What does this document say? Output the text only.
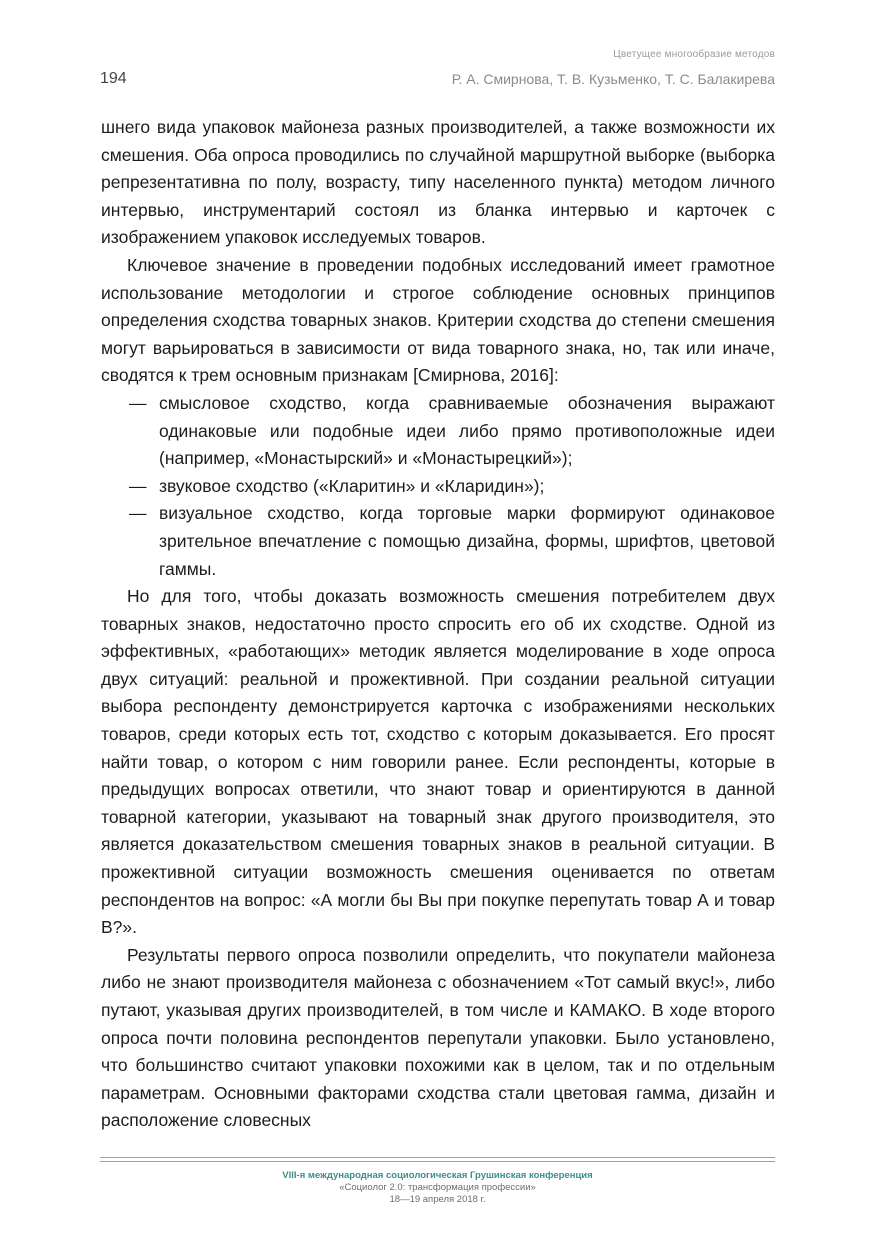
Цветущее многообразие методов
194	Р. А. Смирнова, Т. В. Кузьменко, Т. С. Балакирева

шнего вида упаковок майонеза разных производителей, а также возможности их смешения. Оба опроса проводились по случайной маршрутной выборке (выборка репрезентативна по полу, возрасту, типу населенного пункта) методом личного интервью, инструментарий состоял из бланка интервью и карточек с изображением упаковок исследуемых товаров.

Ключевое значение в проведении подобных исследований имеет грамотное использование методологии и строгое соблюдение основных принципов определения сходства товарных знаков. Критерии сходства до степени смешения могут варьироваться в зависимости от вида товарного знака, но, так или иначе, сводятся к трем основным признакам [Смирнова, 2016]:

— смысловое сходство, когда сравниваемые обозначения выражают одинаковые или подобные идеи либо прямо противоположные идеи (например, «Монастырский» и «Монастырецкий»);
— звуковое сходство («Кларитин» и «Кларидин»);
— визуальное сходство, когда торговые марки формируют одинаковое зрительное впечатление с помощью дизайна, формы, шрифтов, цветовой гаммы.

Но для того, чтобы доказать возможность смешения потребителем двух товарных знаков, недостаточно просто спросить его об их сходстве. Одной из эффективных, «работающих» методик является моделирование в ходе опроса двух ситуаций: реальной и прожективной. При создании реальной ситуации выбора респонденту демонстрируется карточка с изображениями нескольких товаров, среди которых есть тот, сходство с которым доказывается. Его просят найти товар, о котором с ним говорили ранее. Если респонденты, которые в предыдущих вопросах ответили, что знают товар и ориентируются в данной товарной категории, указывают на товарный знак другого производителя, это является доказательством смешения товарных знаков в реальной ситуации. В прожективной ситуации возможность смешения оценивается по ответам респондентов на вопрос: «А могли бы Вы при покупке перепутать товар А и товар В?».

Результаты первого опроса позволили определить, что покупатели майонеза либо не знают производителя майонеза с обозначением «Тот самый вкус!», либо путают, указывая других производителей, в том числе и КАМАКО. В ходе второго опроса почти половина респондентов перепутали упаковки. Было установлено, что большинство считают упаковки похожими как в целом, так и по отдельным параметрам. Основными факторами сходства стали цветовая гамма, дизайн и расположение словесных

VIII-я международная социологическая Грушинская конференция
«Социолог 2.0: трансформация профессии»
18—19 апреля 2018 г.
